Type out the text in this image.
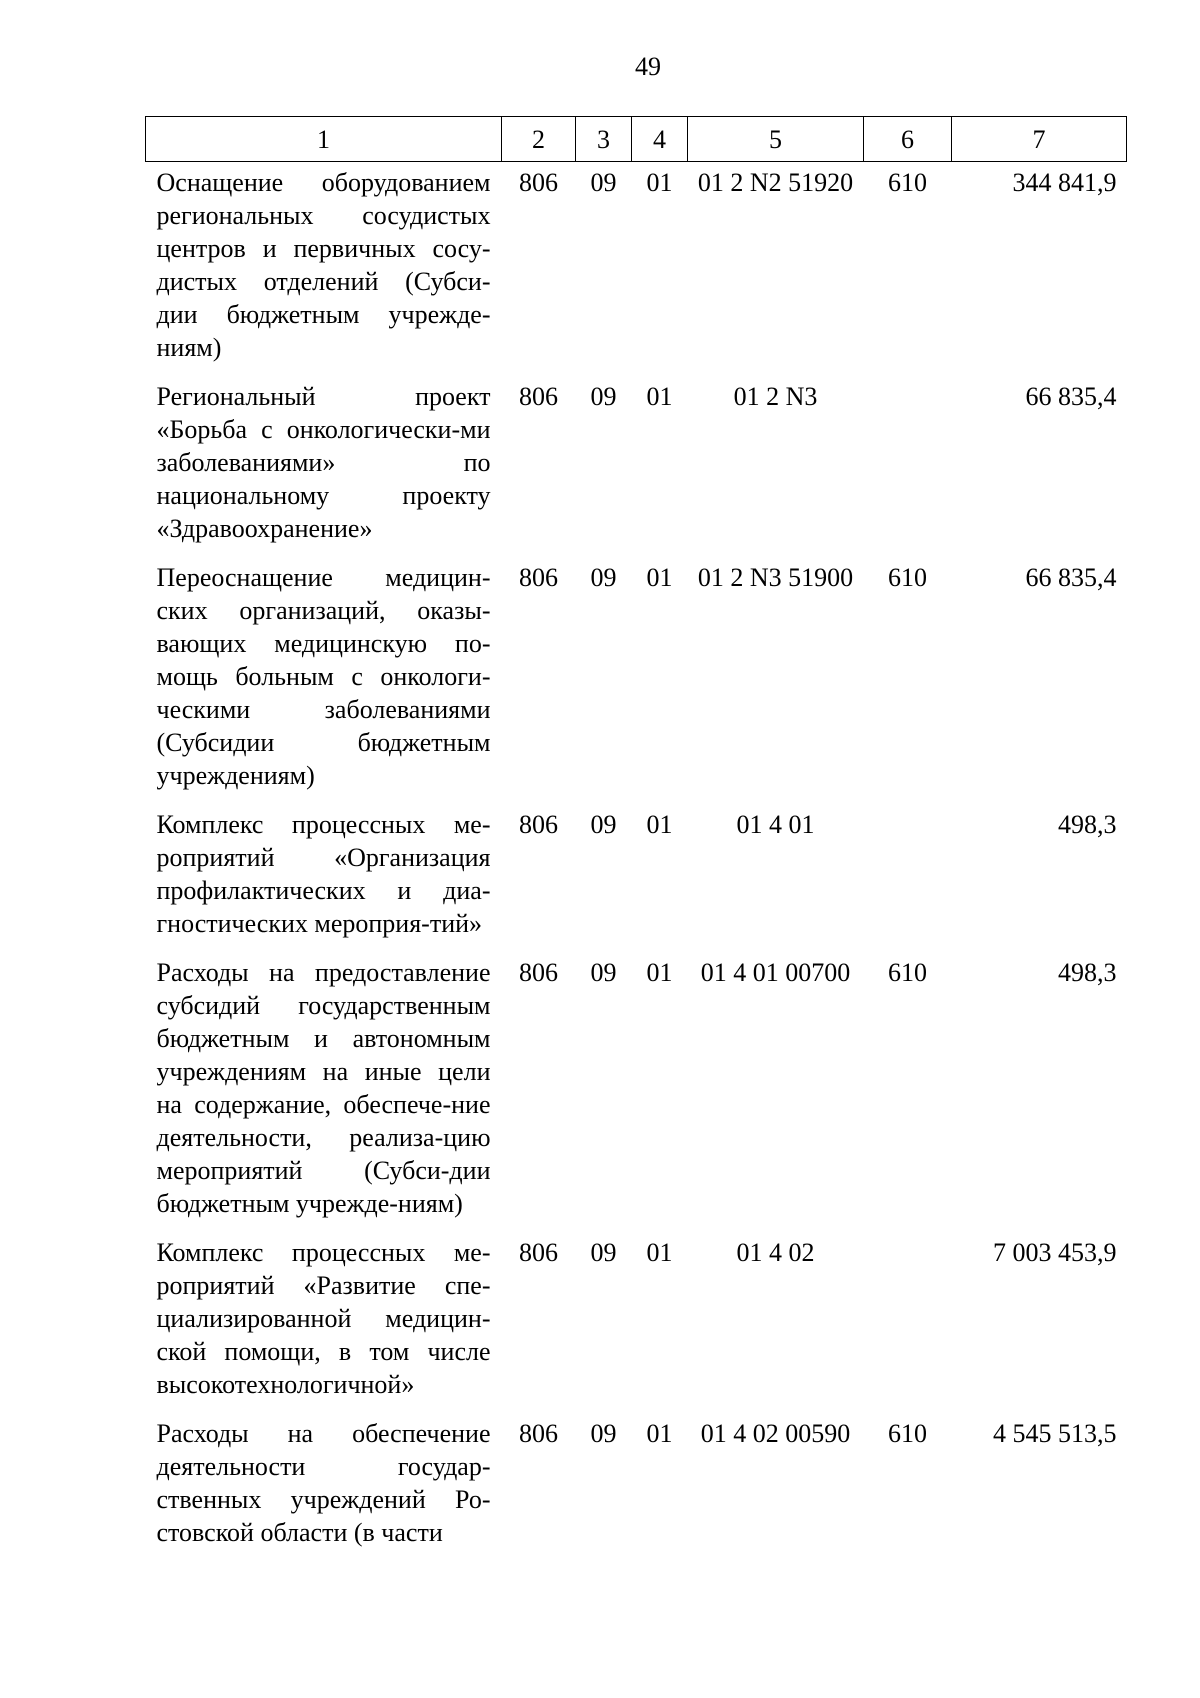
49
1	2	3	4	5	6	7

Оснащение оборудованием региональных сосудистых центров и первичных сосу-дистых отделений (Субси-дии бюджетным учрежде-ниям)	806	09	01	01 2 N2 51920	610	344 841,9

Региональный проект «Борьба с онкологически-ми заболеваниями» по национальному проекту «Здравоохранение»	806	09	01	01 2 N3		66 835,4

Переоснащение медицин-ских организаций, оказы-вающих медицинскую по-мощь больным с онкологи-ческими заболеваниями (Субсидии бюджетным учреждениям)	806	09	01	01 2 N3 51900	610	66 835,4

Комплекс процессных ме-роприятий «Организация профилактических и диа-гностических мероприя-тий»	806	09	01	01 4 01		498,3

Расходы на предоставление субсидий государственным бюджетным и автономным учреждениям на иные цели на содержание, обеспече-ние деятельности, реализа-цию мероприятий (Субси-дии бюджетным учрежде-ниям)	806	09	01	01 4 01 00700	610	498,3

Комплекс процессных ме-роприятий «Развитие спе-циализированной медицин-ской помощи, в том числе высокотехнологичной»	806	09	01	01 4 02		7 003 453,9

Расходы на обеспечение деятельности государ-ственных учреждений Ро-стовской области (в части	806	09	01	01 4 02 00590	610	4 545 513,5
